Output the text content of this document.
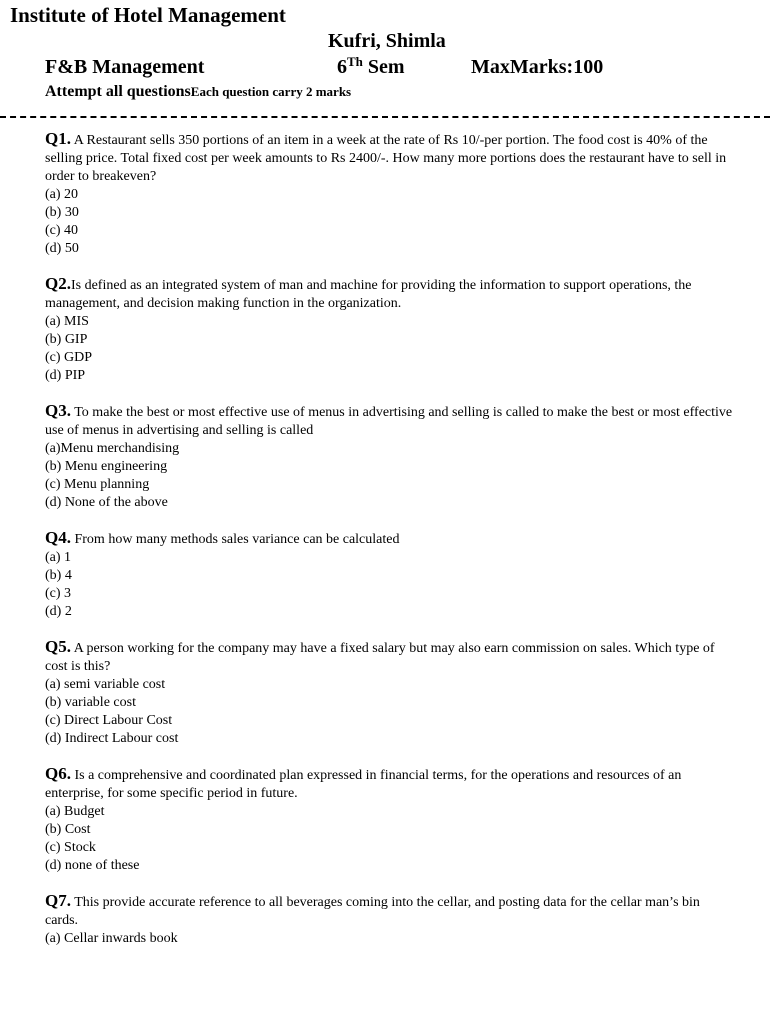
Institute of Hotel Management
Kufri, Shimla
F&B Management	6Th Sem	MaxMarks:100
Attempt all questionsEach question carry 2 marks

Q1. A Restaurant sells 350 portions of an item in a week at the rate of Rs 10/-per portion. The food cost is 40% of the selling price. Total fixed cost per week amounts to Rs 2400/-. How many more portions does the restaurant have to sell in order to breakeven?

(a) 20
(b) 30
(c) 40
(d) 50

Q2.Is defined as an integrated system of man and machine for providing the information to support operations, the management, and decision making function in the organization.

(a) MIS
(b) GIP
(c) GDP
(d) PIP

Q3. To make the best or most effective use of menus in advertising and selling is called to make the best or most effective use of menus in advertising and selling is called

(a)Menu merchandising
(b) Menu engineering
(c) Menu planning
(d) None of the above

Q4. From how many methods sales variance can be calculated

(a) 1
(b) 4
(c) 3
(d) 2

Q5. A person working for the company may have a fixed salary but may also earn commission on sales. Which type of cost is this?

(a) semi variable cost
(b) variable cost
(c) Direct Labour Cost
(d) Indirect Labour cost

Q6. Is a comprehensive and coordinated plan expressed in financial terms, for the operations and resources of an enterprise, for some specific period in future.

(a) Budget
(b) Cost
(c) Stock
(d) none of these

Q7. This provide accurate reference to all beverages coming into the cellar, and posting data for the cellar man’s bin cards.

(a) Cellar inwards book
